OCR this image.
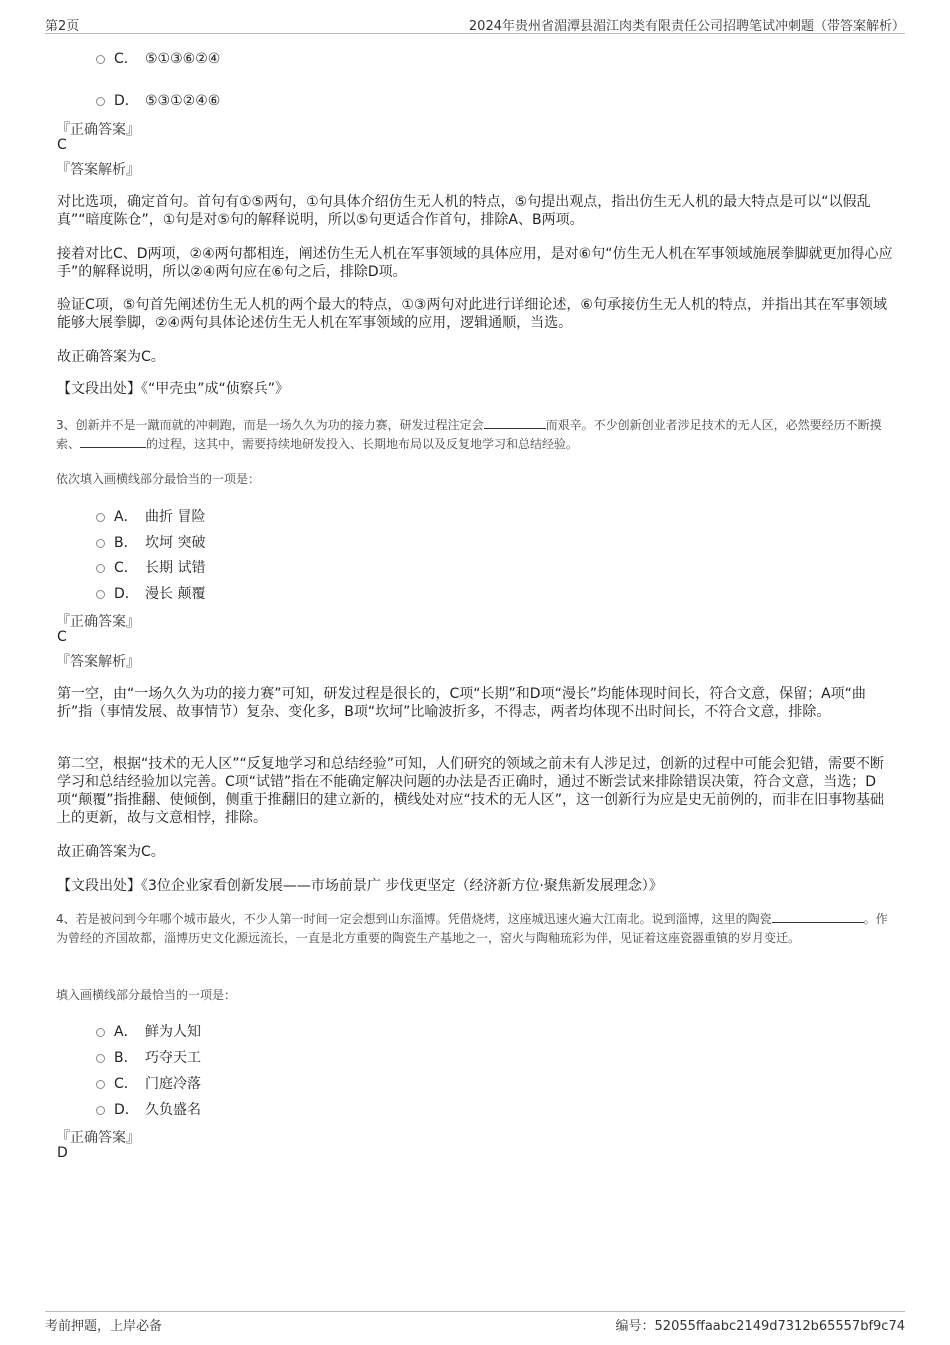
第2页	2024年贵州省湄潭县湄江肉类有限责任公司招聘笔试冲刺题（带答案解析）
C． ⑤①③⑥②④
D． ⑤③①②④⑥
『正确答案』
C
『答案解析』
对比选项，确定首句。首句有①⑤两句，①句具体介绍仿生无人机的特点，⑤句提出观点，指出仿生无人机的最大特点是可以“以假乱真”“暗度陈仓”，①句是对⑤句的解释说明，所以⑤句更适合作首句，排除A、B两项。
接着对比C、D两项，②④两句都相连，阐述仿生无人机在军事领域的具体应用，是对⑥句“仿生无人机在军事领域施展拳脚就更加得心应手”的解释说明，所以②④两句应在⑥句之后，排除D项。
验证C项，⑤句首先阐述仿生无人机的两个最大的特点，①③两句对此进行详细论述，⑥句承接仿生无人机的特点，并指出其在军事领域能够大展拳脚，②④两句具体论述仿生无人机在军事领域的应用，逻辑通顺，当选。
故正确答案为C。
【文段出处】《“甲壳虫”成“侦察兵”》
3、创新并不是一蹴而就的冲刺跑，而是一场久久为功的接力赛，研发过程注定会	而艰辛。不少创新创业者涉足技术的无人区，必然要经历不断摸索、	的过程，这其中，需要持续地研发投入、长期地布局以及反复地学习和总结经验。
依次填入画横线部分最恰当的一项是：
A． 曲折 冒险
B． 坎坷 突破
C． 长期 试错
D． 漫长 颠覆
『正确答案』
C
『答案解析』
第一空，由“一场久久为功的接力赛”可知，研发过程是很长的，C项“长期”和D项“漫长”均能体现时间长，符合文意，保留；A项“曲折”指（事情发展、故事情节）复杂、变化多，B项“坎坷”比喻波折多，不得志，两者均体现不出时间长，不符合文意，排除。
第二空，根据“技术的无人区”“反复地学习和总结经验”可知，人们研究的领域之前未有人涉足过，创新的过程中可能会犯错，需要不断学习和总结经验加以完善。C项“试错”指在不能确定解决问题的办法是否正确时，通过不断尝试来排除错误决策，符合文意，当选；D项“颠覆”指推翻、使倾倒，侧重于推翻旧的建立新的，横线处对应“技术的无人区”，这一创新行为应是史无前例的，而非在旧事物基础上的更新，故与文意相悖，排除。
故正确答案为C。
【文段出处】《3位企业家看创新发展——市场前景广 步伐更坚定（经济新方位·聚焦新发展理念）》
4、若是被问到今年哪个城市最火，不少人第一时间一定会想到山东淄博。凭借烧烤，这座城迅速火遍大江南北。说到淄博，这里的陶瓷	。作为曾经的齐国故都，淄博历史文化源远流长，一直是北方重要的陶瓷生产基地之一，窑火与陶釉琉彩为伴，见证着这座瓷器重镇的岁月变迁。
填入画横线部分最恰当的一项是：
A． 鲜为人知
B． 巧夺天工
C． 门庭冷落
D． 久负盛名
『正确答案』
D
考前押题，上岸必备	编号：52055ffaabc2149d7312b65557bf9c74
